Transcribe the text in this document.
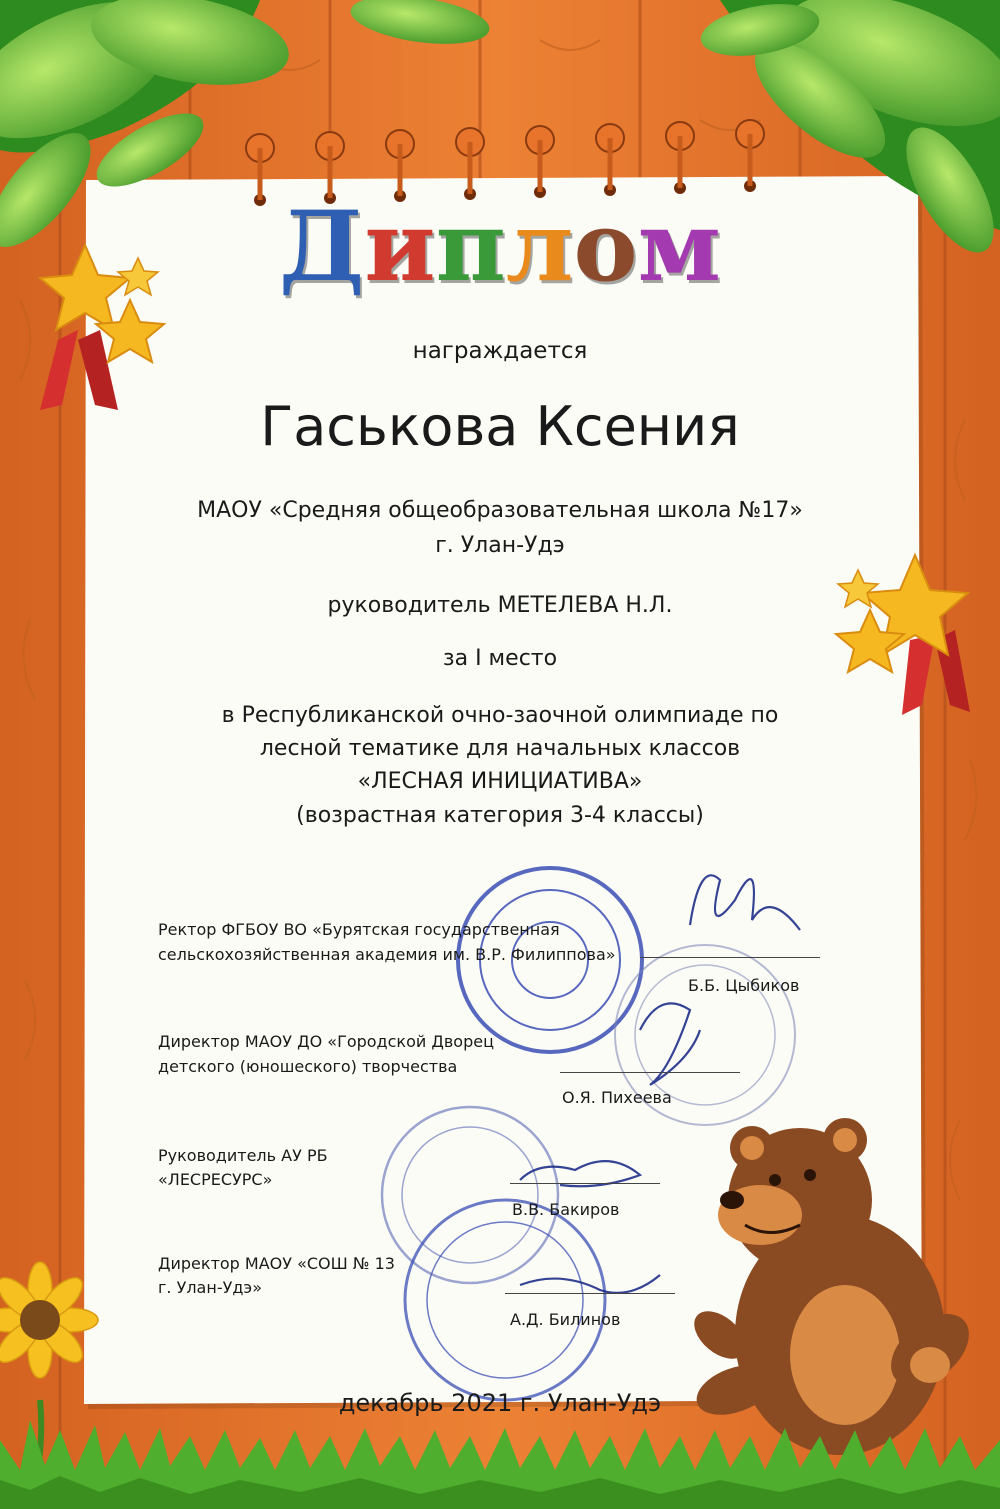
Диплом
награждается
Гаськова Ксения
МАОУ «Средняя общеобразовательная школа №17»
г. Улан-Удэ
руководитель МЕТЕЛЕВА Н.Л.
за I место
в Республиканской очно-заочной олимпиаде по
лесной тематике для начальных классов
«ЛЕСНАЯ ИНИЦИАТИВА»
(возрастная категория 3-4 классы)
Ректор ФГБОУ ВО «Бурятская государственная
сельскохозяйственная академия им. В.Р. Филиппова»
Б.Б. Цыбиков
Директор МАОУ ДО «Городской Дворец
детского (юношеского) творчества
О.Я. Пихеева
Руководитель АУ РБ
«ЛЕСРЕСУРС»
В.В. Бакиров
Директор МАОУ «СОШ № 13
г. Улан-Удэ»
А.Д. Билинов
декабрь 2021 г. Улан-Удэ
